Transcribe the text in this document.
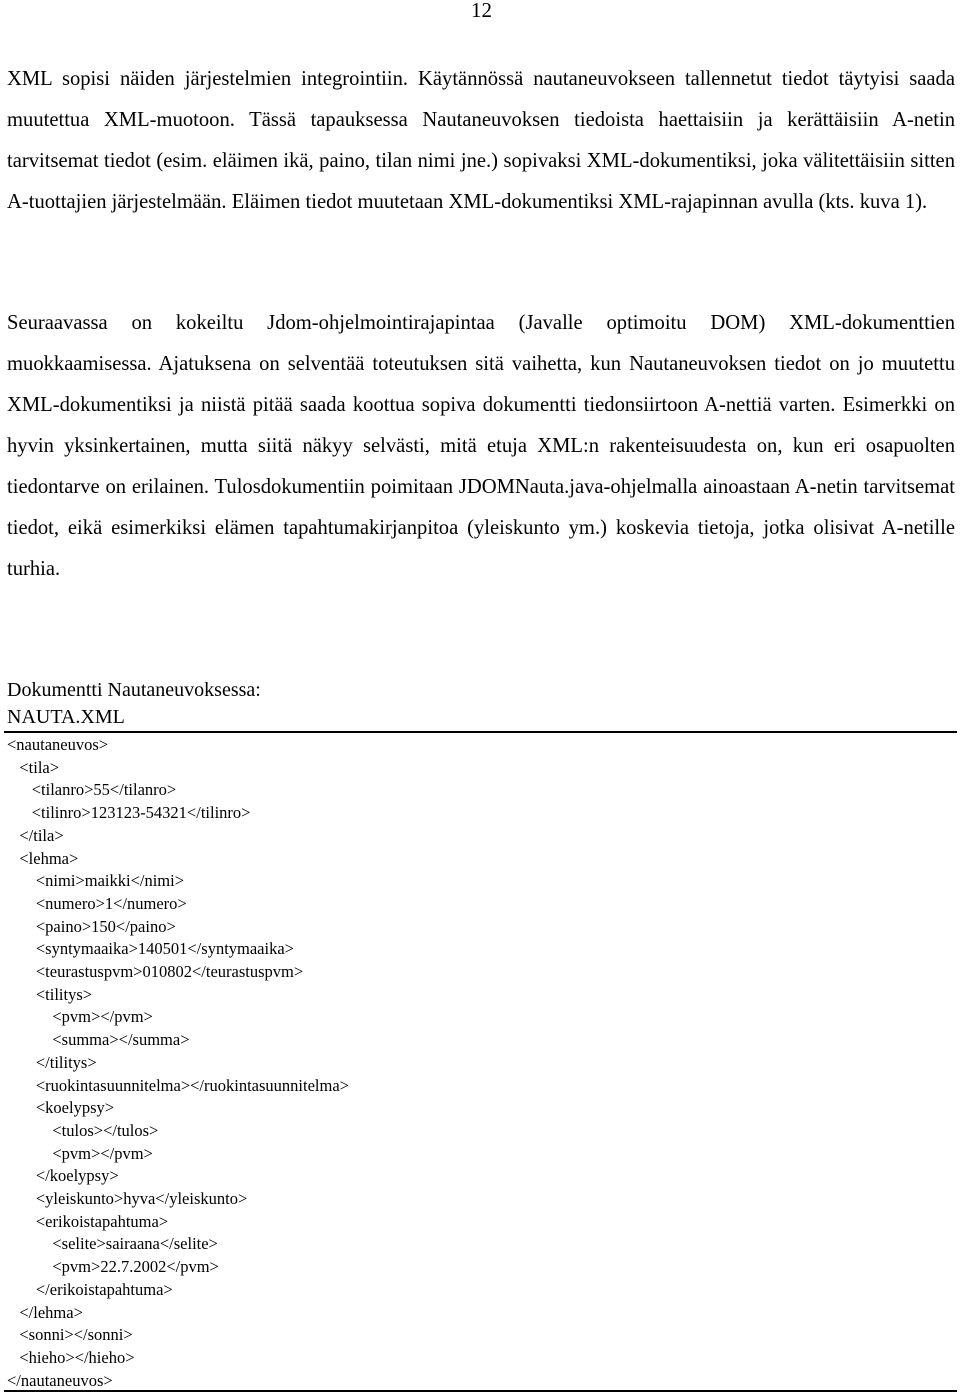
12

XML sopisi näiden järjestelmien integrointiin. Käytännössä nautaneuvokseen tallennetut tiedot täytyisi saada muutettua XML-muotoon. Tässä tapauksessa Nautaneuvoksen tiedoista haettaisiin ja kerättäisiin A-netin tarvitsemat tiedot (esim. eläimen ikä, paino, tilan nimi jne.) sopivaksi XML-dokumentiksi, joka välitettäisiin sitten A-tuottajien järjestelmään. Eläimen tiedot muutetaan XML-dokumentiksi XML-rajapinnan avulla (kts. kuva 1).

Seuraavassa on kokeiltu Jdom-ohjelmointirajapintaa (Javalle optimoitu DOM) XML-dokumenttien muokkaamisessa. Ajatuksena on selventää toteutuksen sitä vaihetta, kun Nautaneuvoksen tiedot on jo muutettu XML-dokumentiksi ja niistä pitää saada koottua sopiva dokumentti tiedonsiirtoon A-nettiä varten. Esimerkki on hyvin yksinkertainen, mutta siitä näkyy selvästi, mitä etuja XML:n rakenteisuudesta on, kun eri osapuolten tiedontarve on erilainen. Tulosdokumentiin poimitaan JDOMNauta.java-ohjelmalla ainoastaan A-netin tarvitsemat tiedot, eikä esimerkiksi elämen tapahtumakirjanpitoa (yleiskunto ym.) koskevia tietoja, jotka olisivat A-netille turhia.

Dokumentti Nautaneuvoksessa:
NAUTA.XML
<nautaneuvos>
<tila>
<tilanro>55</tilanro>
<tilinro>123123-54321</tilinro>
</tila>
<lehma>
<nimi>maikki</nimi>
<numero>1</numero>
<paino>150</paino>
<syntymaaika>140501</syntymaaika>
<teurastuspvm>010802</teurastuspvm>
<tilitys>
<pvm></pvm>
<summa></summa>
</tilitys>
<ruokintasuunnitelma></ruokintasuunnitelma>
<koelypsy>
<tulos></tulos>
<pvm></pvm>
</koelypsy>
<yleiskunto>hyva</yleiskunto>
<erikoistapahtuma>
<selite>sairaana</selite>
<pvm>22.7.2002</pvm>
</erikoistapahtuma>
</lehma>
<sonni></sonni>
<hieho></hieho>
</nautaneuvos>
